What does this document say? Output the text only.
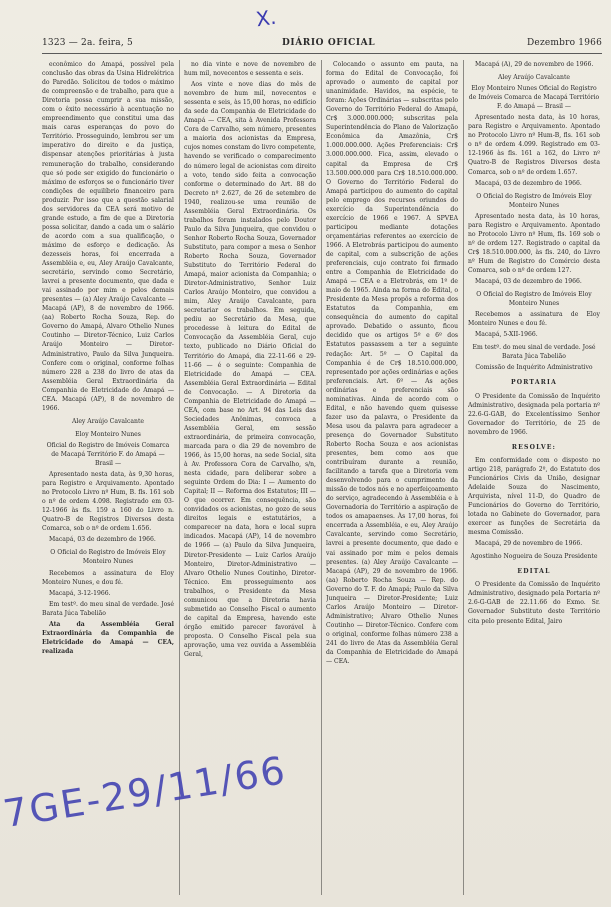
X.
1323 — 2a. feira, 5	DIÁRIO OFICIAL	Dezembro 1966

econômico do Amapá, possível pela conclusão das obras da Usina Hidrelétrica do Paredão. Solicitou de todos o máximo de compreensão e de trabalho, para que a Diretoria possa cumprir a sua missão, com o êxito necessário à acentuação no empreendimento que constitui uma das mais caras esperanças do povo do Território. Prosseguindo, lembrou ser um imperativo do direito e da justiça, dispensar atenções prioritárias à justa remuneração do trabalho, considerando que só pode ser exigido do funcionário o máximo de esforços se o funcionário tiver condições de equilíbrio financeiro para produzir. Por isso que a questão salarial dos servidores da CEA será motivo de grande estudo, a fim de que a Diretoria possa solicitar, dando a cada um o salário de acordo com a sua qualificação, o máximo de esforço e dedicação. Às dezesseis horas, foi encerrada a Assembléia e, eu, Aley Araújo Cavalcante, secretário, servindo como Secretário, lavrei a presente documento, que dada e vai assinado por mim e pelos demais presentes — (a) Aley Araújo Cavalcante — Macapá (AP), 8 de novembro de 1966. (aa) Roberto Rocha Souza, Rep. do Governo do Amapá, Alvaro Othelio Nunes Coutinho — Diretor-Técnico, Luiz Carlos Araújo Monteiro — Diretor-Administrativo, Paulo da Silva Junqueira. Confere com o original, conforme folhas número 228 a 238 do livro de atas da Assembléia Geral Extraordinária da Companhia de Eletricidade do Amapá — CEA. Macapá (AP), 8 de novembro de 1966.

Aley Araújo Cavalcante

Eloy Monteiro Nunes

Oficial do Registro de Imóveis Comarca de Macapá Território F. do Amapá — Brasil —

Apresentado nesta data, às 9,30 horas, para Registro e Arquivamento. Apontado no Protocolo Livro nº Hum, B. fls. 161 sob o nº de ordem 4.098. Registrado em 03-12-1966 às fls. 159 a 160 do Livro n. Quatro-B de Registros Diversos desta Comarca, sob o nº de ordem 1.656.

Macapá, 03 de dezembro de 1966.

O Oficial do Registro de Imóveis Eloy Monteiro Nunes

Recebemos a assinatura de Eloy Monteiro Nunes, e dou fé.

Macapá, 3-12-1966.

Em testº. do meu sinal de verdade. José Barata Júca Tabelião

Ata da Assembléia Geral Extraordinária da Companhia de Eletricidade do Amapá — CEA, realizada

no dia vinte e nove de novembro de hum mil, novecentos e sessenta e seis.

Aos vinte e nove dias do mês de novembro de hum mil, novecentos e sessenta e seis, às 15,00 horas, no edifício da sede da Companhia de Eletricidade do Amapá — CEA, sita à Avenida Professora Cora de Carvalho, sem número, presentes a maioria dos acionistas da Empresa, cujos nomes constam do livro competente, havendo se verificado o comparecimento do número legal de acionistas com direito a voto, tendo sido feita a convocação conforme o determinado do Art. 88 do Decreto nº 2.627, de 26 de setembro de 1940, realizou-se uma reunião de Assembléia Geral Extraordinária. Os trabalhos foram instalados pelo Doutor Paulo da Silva Junqueira, que convidou o Senhor Roberto Rocha Souza, Governador Substituto, para compor a mesa o Senhor Roberto Rocha Souza, Governador Substituto do Território Federal do Amapá, maior acionista da Companhia; o Diretor-Administrativo, Senhor Luiz Carlos Araújo Monteiro, que convidou a mim, Aley Araújo Cavalcante, para secretariar os trabalhos. Em seguida, pediu ao Secretário da Mesa, que procedesse à leitura do Edital de Convocação da Assembléia Geral, cujo texto, publicado no Diário Oficial do Território do Amapá, dia 22-11-66 e 29-11-66 — é o seguinte: Companhia de Eletricidade do Amapá — CEA. Assembléia Geral Extraordinária — Edital de Convocação. — A Diretoria da Companhia de Eletricidade do Amapá — CEA, com base no Art. 94 das Leis das Sociedades Anônimas, convoca a Assembléia Geral, em sessão extraordinária, de primeira convocação, marcada para o dia 29 de novembro de 1966, às 15,00 horas, na sede Social, sita à Av. Professora Cora de Carvalho, s/n, nesta cidade, para deliberar sobre a seguinte Ordem do Dia: I — Aumento do Capital; II — Reforma dos Estatutos; III — O que ocorrer. Em consequência, são convidados os acionistas, no gozo de seus direitos legais e estatutários, a comparecer na data, hora e local supra indicados. Macapá (AP), 14 de novembro de 1966 — (a) Paulo da Silva Junqueira, Diretor-Presidente — Luiz Carlos Araújo Monteiro, Diretor-Administrativo — Alvaro Othelio Nunes Coutinho, Diretor-Técnico. Em prosseguimento aos trabalhos, o Presidente da Mesa comunicou que a Diretoria havia submetido ao Conselho Fiscal o aumento de capital da Empresa, havendo este órgão emitido parecer favorável à proposta. O Conselho Fiscal pela sua aprovação, uma vez ouvida a Assembléia Geral,

Colocando o assunto em pauta, na forma do Edital de Convocação, foi aprovado o aumento de capital por unanimidade. Havidos, na espécie, te foram: Ações Ordinárias — subscritas pelo Governo do Território Federal do Amapá, Cr$ 3.000.000.000; subscritas pela Superintendência do Plano de Valorização Econômica da Amazônia, Cr$ 1.000.000.000. Ações Preferenciais: Cr$ 3.000.000.000. Fica, assim, elevado o capital da Empresa de Cr$ 13.500.000.000 para Cr$ 18.510.000.000. O Governo do Território Federal do Amapá participou do aumento do capital pelo emprego dos recursos oriundos do exercício da Superintendência do exercício de 1966 e 1967. A SPVEA participou mediante dotações orçamentárias referentes ao exercício de 1966. A Eletrobrás participou do aumento de capital, com a subscrição de ações preferenciais, cujo contrato foi firmado entre a Companhia de Eletricidade do Amapá — CEA e a Eletrobrás, em 1º de maio de 1965. Ainda na forma do Edital, o Presidente da Mesa propôs a reforma dos Estatutos da Companhia, em consequência do aumento do capital aprovado. Debatido o assunto, ficou decidido que os artigos 5º e 6º dos Estatutos passassem a ter a seguinte redação: Art. 5º — O Capital da Companhia é de Cr$ 18.510.000.000, representado por ações ordinárias e ações preferenciais. Art. 6º — As ações ordinárias e preferenciais são nominativas. Ainda de acordo com o Edital, e não havendo quem quisesse fazer uso da palavra, o Presidente da Mesa usou da palavra para agradecer a presença do Governador Substituto Roberto Rocha Souza e aos acionistas presentes, bem como aos que contribuíram durante a reunião, facilitando a tarefa que a Diretoria vem desenvolvendo para o cumprimento da missão de todos nós e no aperfeiçoamento do serviço, agradecendo à Assembléia e à Governadoria do Território a aspiração de todos os amapaenses. Às 17,00 horas, foi encerrada a Assembléia, e eu, Aley Araújo Cavalcante, servindo como Secretário, lavrei a presente documento, que dado e vai assinado por mim e pelos demais presentes. (a) Aley Araújo Cavalcante — Macapá (AP), 29 de novembro de 1966. (aa) Roberto Rocha Souza — Rep. do Governo do T. F. do Amapá; Paulo da Silva Junqueira — Diretor-Presidente; Luiz Carlos Araújo Monteiro — Diretor-Administrativo; Alvaro Othelio Nunes Coutinho — Diretor-Técnico. Confere com o original, conforme folhas número 238 a 241 do livro de Atas da Assembléia Geral da Companhia de Eletricidade do Amapá — CEA.

Macapá (A), 29 de novembro de 1966.

Aley Araújo Cavalcante

Eloy Monteiro Nunes Oficial do Registro de Imóveis Comarca de Macapá Território F. do Amapá — Brasil —

Apresentado nesta data, às 10 horas, para Registro e Arquivamento. Apontado no Protocolo Livro nº Hum-B, fls. 161 sob o nº de ordem 4.099. Registrado em 03-12-1966 às fls. 161 a 162, do Livro nº Quatro-B de Registros Diversos desta Comarca, sob o nº de ordem 1.657.

Macapá, 03 de dezembro de 1966.

O Oficial do Registro de Imóveis Eloy Monteiro Nunes

Apresentado nesta data, às 10 horas, para Registro e Arquivamento. Apontado no Protocolo Livro nº Hum, fls. 169 sob o nº de ordem 127. Registrado o capital da Cr$ 18.510.000.000, às fls. 240, do Livro nº Hum de Registro do Comércio desta Comarca, sob o nº de ordem 127.

Macapá, 03 de dezembro de 1966.

O Oficial do Registro de Imóveis Eloy Monteiro Nunes

Recebemos a assinatura de Eloy Monteiro Nunes e dou fé.

Macapá, 5-XII-1966.

Em testº. do meu sinal de verdade. José Barata Júca Tabelião

Comissão de Inquérito Administrativo

PORTARIA

O Presidente da Comissão de Inquérito Administrativo, designada pela portaria nº 22.6-G-GAB, do Excelentíssimo Senhor Governador do Território, de 25 de novembro de 1966.

RESOLVE:

Em conformidade com o disposto no artigo 218, parágrafo 2º, do Estatuto dos Funcionários Civis da União, designar Adelaide Souza do Nascimento, Arquivista, nível 11-D, do Quadro de Funcionários do Governo do Território, lotada no Gabinete do Governador, para exercer as funções de Secretária da mesma Comissão.

Macapá, 29 de novembro de 1966.

Agostinho Nogueira de Souza Presidente

EDITAL

O Presidente da Comissão de Inquérito Administrativo, designado pela Portaria nº 2.6-G-GAB de 22.11.66 do Exmo. Sr. Governador Substituto deste Território cita pelo presente Edital, Jairo

7GE-29/11/66
